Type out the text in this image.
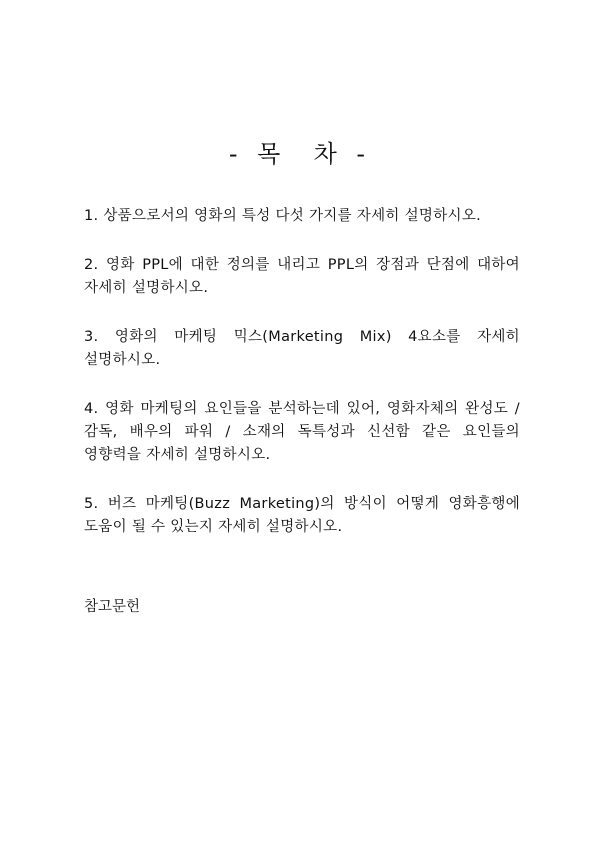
- 목  차 -
1. 상품으로서의 영화의 특성 다섯 가지를 자세히 설명하시오.
2. 영화 PPL에 대한 정의를 내리고 PPL의 장점과 단점에 대하여 자세히 설명하시오.
3. 영화의 마케팅 믹스(Marketing Mix) 4요소를 자세히 설명하시오.
4. 영화 마케팅의 요인들을 분석하는데 있어, 영화자체의 완성도 / 감독, 배우의 파워 / 소재의 독특성과 신선함 같은 요인들의 영향력을 자세히 설명하시오.
5. 버즈 마케팅(Buzz Marketing)의 방식이 어떻게 영화흥행에 도움이 될 수 있는지 자세히 설명하시오.

참고문헌
